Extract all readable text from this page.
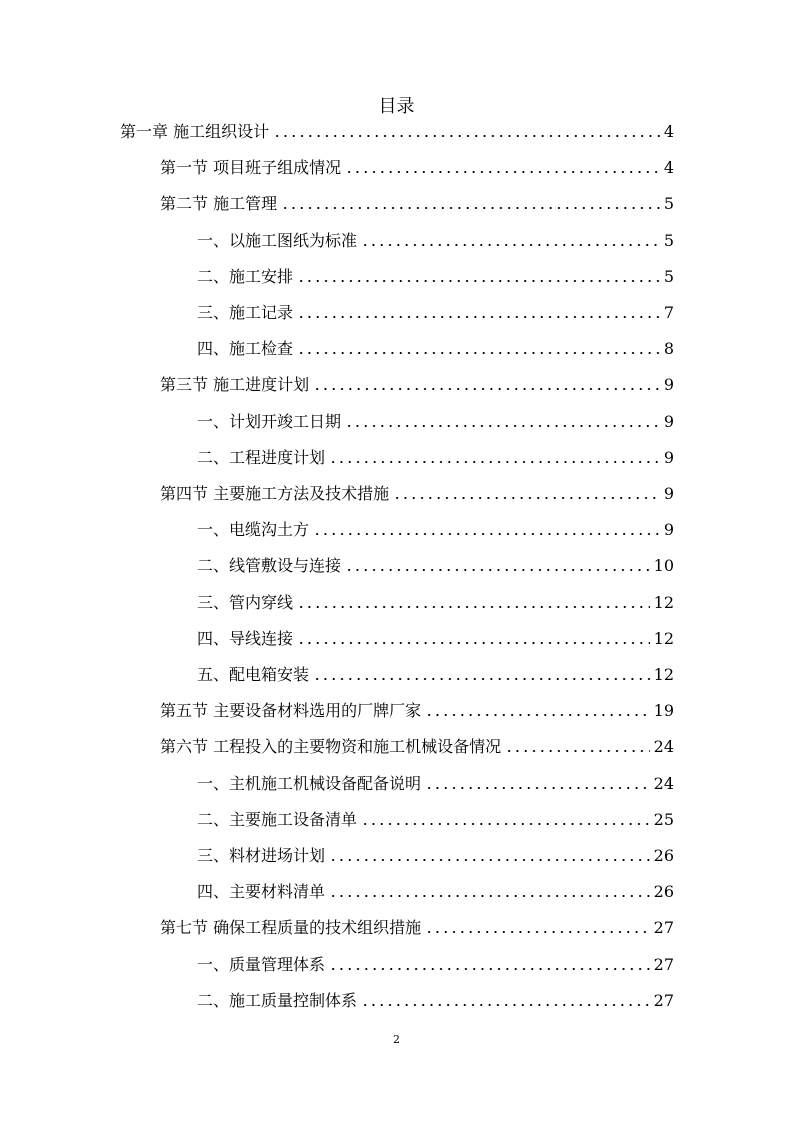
目录
第一章 施工组织设计	4
第一节 项目班子组成情况	4
第二节 施工管理	5
一、以施工图纸为标准	5
二、施工安排	5
三、施工记录	7
四、施工检查	8
第三节 施工进度计划	9
一、计划开竣工日期	9
二、工程进度计划	9
第四节 主要施工方法及技术措施	9
一、电缆沟土方	9
二、线管敷设与连接	10
三、管内穿线	12
四、导线连接	12
五、配电箱安装	12
第五节 主要设备材料选用的厂牌厂家	19
第六节 工程投入的主要物资和施工机械设备情况	24
一、主机施工机械设备配备说明	24
二、主要施工设备清单	25
三、料材进场计划	26
四、主要材料清单	26
第七节 确保工程质量的技术组织措施	27
一、质量管理体系	27
二、施工质量控制体系	27
2
